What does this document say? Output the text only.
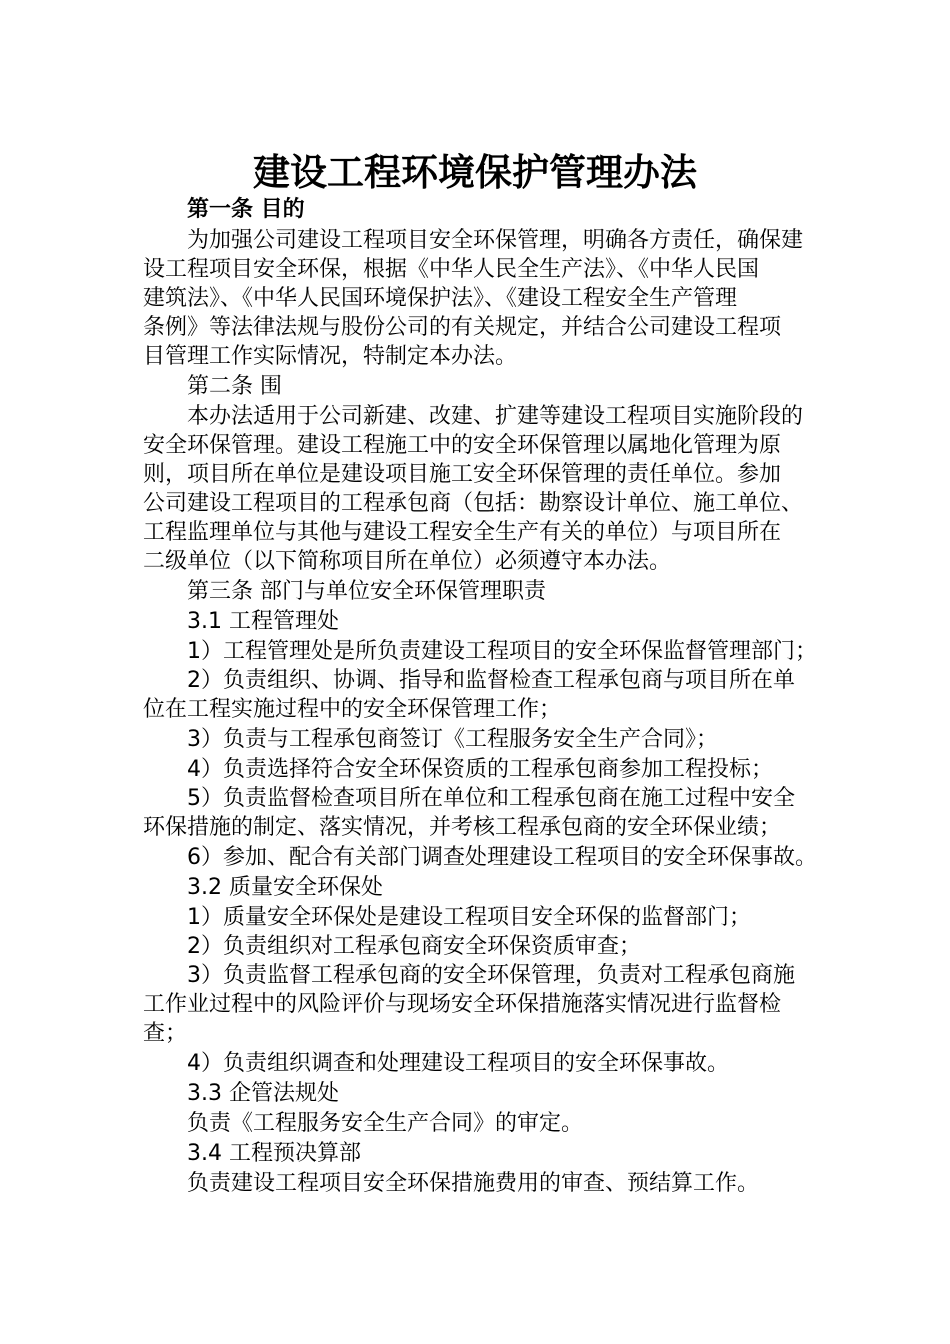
建设工程环境保护管理办法
第一条 目的
为加强公司建设工程项目安全环保管理，明确各方责任，确保建
设工程项目安全环保，根据《中华人民全生产法》、《中华人民国
建筑法》、《中华人民国环境保护法》、《建设工程安全生产管理
条例》等法律法规与股份公司的有关规定，并结合公司建设工程项
目管理工作实际情况，特制定本办法。
第二条 围
本办法适用于公司新建、改建、扩建等建设工程项目实施阶段的
安全环保管理。建设工程施工中的安全环保管理以属地化管理为原
则，项目所在单位是建设项目施工安全环保管理的责任单位。参加
公司建设工程项目的工程承包商（包括：勘察设计单位、施工单位、
工程监理单位与其他与建设工程安全生产有关的单位）与项目所在
二级单位（以下简称项目所在单位）必须遵守本办法。
第三条 部门与单位安全环保管理职责
3.1 工程管理处
1）工程管理处是所负责建设工程项目的安全环保监督管理部门；
2）负责组织、协调、指导和监督检查工程承包商与项目所在单
位在工程实施过程中的安全环保管理工作；
3）负责与工程承包商签订《工程服务安全生产合同》；
4）负责选择符合安全环保资质的工程承包商参加工程投标；
5）负责监督检查项目所在单位和工程承包商在施工过程中安全
环保措施的制定、落实情况，并考核工程承包商的安全环保业绩；
6）参加、配合有关部门调查处理建设工程项目的安全环保事故。
3.2 质量安全环保处
1）质量安全环保处是建设工程项目安全环保的监督部门；
2）负责组织对工程承包商安全环保资质审查；
3）负责监督工程承包商的安全环保管理，负责对工程承包商施
工作业过程中的风险评价与现场安全环保措施落实情况进行监督检
查；
4）负责组织调查和处理建设工程项目的安全环保事故。
3.3 企管法规处
负责《工程服务安全生产合同》的审定。
3.4 工程预决算部
负责建设工程项目安全环保措施费用的审查、预结算工作。
